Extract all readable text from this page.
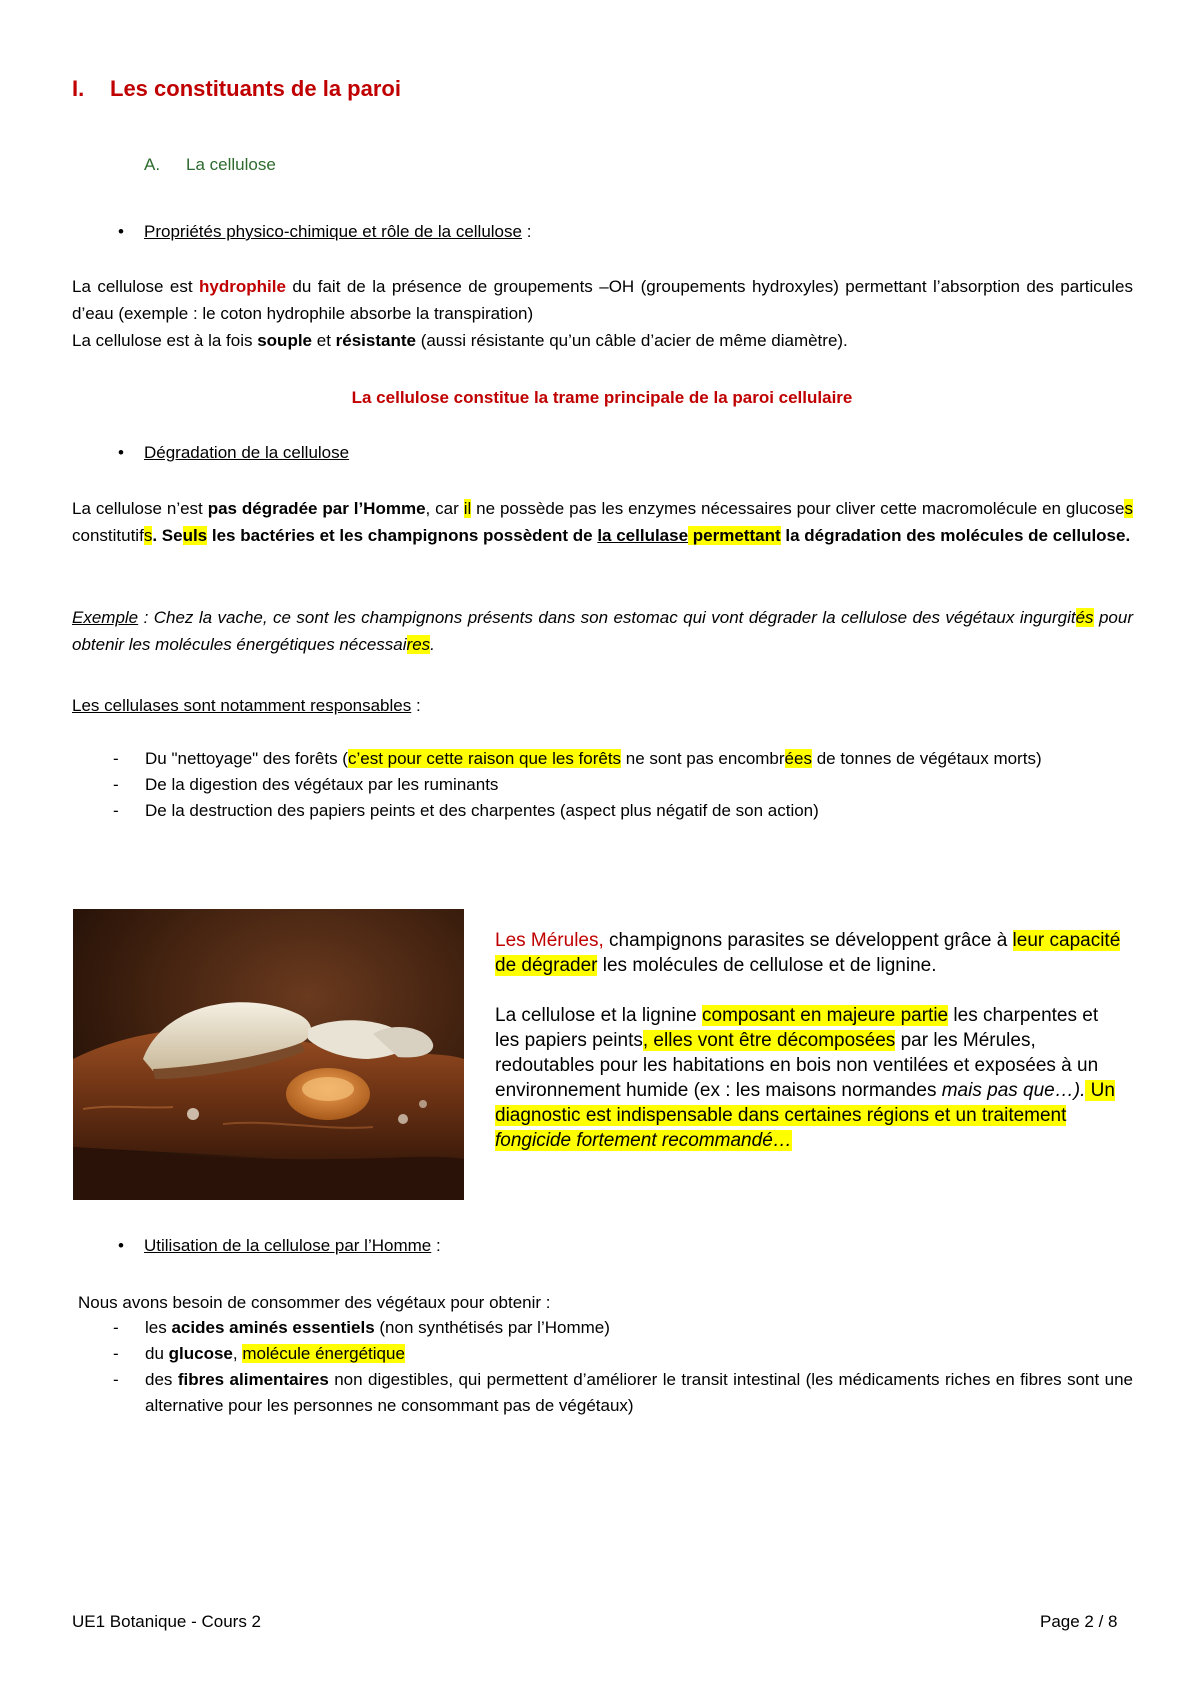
I. Les constituants de la paroi
A. La cellulose
• Propriétés physico-chimique et rôle de la cellulose :
La cellulose est hydrophile du fait de la présence de groupements –OH (groupements hydroxyles) permettant l’absorption des particules d’eau (exemple : le coton hydrophile absorbe la transpiration)
La cellulose est à la fois souple et résistante (aussi résistante qu’un câble d’acier de même diamètre).
La cellulose constitue la trame principale de la paroi cellulaire
• Dégradation de la cellulose
La cellulose n’est pas dégradée par l’Homme, car il ne possède pas les enzymes nécessaires pour cliver cette macromolécule en glucoses constitutifs. Seuls les bactéries et les champignons possèdent de la cellulase permettant la dégradation des molécules de cellulose.
Exemple : Chez la vache, ce sont les champignons présents dans son estomac qui vont dégrader la cellulose des végétaux ingurgités pour obtenir les molécules énergétiques nécessaires.
Les cellulases sont notamment responsables :
- Du "nettoyage" des forêts (c’est pour cette raison que les forêts ne sont pas encombrées de tonnes de végétaux morts)
- De la digestion des végétaux par les ruminants
- De la destruction des papiers peints et des charpentes (aspect plus négatif de son action)
Les Mérules, champignons parasites se développent grâce à leur capacité de dégrader les molécules de cellulose et de lignine.
La cellulose et la lignine composant en majeure partie les charpentes et les papiers peints, elles vont être décomposées par les Mérules, redoutables pour les habitations en bois non ventilées et exposées à un environnement humide (ex : les maisons normandes mais pas que…). Un diagnostic est indispensable dans certaines régions et un traitement fongicide fortement recommandé…
• Utilisation de la cellulose par l’Homme :
Nous avons besoin de consommer des végétaux pour obtenir :
- les acides aminés essentiels (non synthétisés par l’Homme)
- du glucose, molécule énergétique
- des fibres alimentaires non digestibles, qui permettent d’améliorer le transit intestinal (les médicaments riches en fibres sont une alternative pour les personnes ne consommant pas de végétaux)
UE1 Botanique - Cours 2	Page 2 / 8
